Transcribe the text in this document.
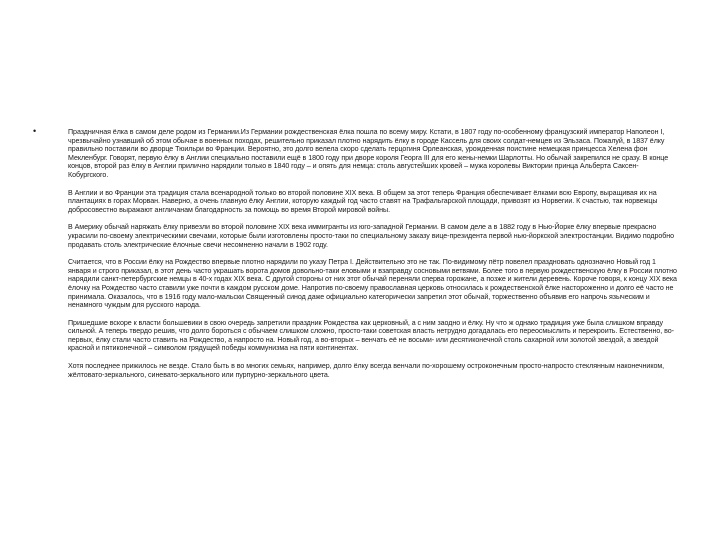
•	Праздничная ёлка в самом деле родом из Германии.Из Германии рождественская ёлка пошла по всему миру. Кстати, в 1807 году по-особенному французский император Наполеон I, чрезвычайно узнавший об этом обычае в военных походах, решительно приказал плотно нарядить ёлку в городе Кассель для своих солдат-немцев из Эльзаса. Пожалуй, в 1837 ёлку правильно поставили во дворце Тюильри во Франции. Вероятно, это долго велела скоро сделать герцогиня Орлеанская, урожденная поистине немецкая принцесса Хелена фон Мекленбург. Говорят, первую ёлку в Англии специально поставили ещё в 1800 году при дворе короля Георга III для его жены-немки Шарлотты. Но обычай закрепился не сразу. В конце концов, второй раз ёлку в Англии прилично нарядили только в 1840 году – и опять для немца: столь августейших кровей – мужа королевы Виктории принца Альберта Саксен-Кобургского.

В Англии и во Франции эта традиция стала всенародной только во второй половине XIX века. В общем за этот теперь Франция обеспечивает ёлками всю Европу, выращивая их на плантациях в горах Морван. Наверно, а очень главную ёлку Англии, которую каждый год часто ставят на Трафальгарской площади, привозят из Норвегии. К счастью, так норвежцы добросовестно выражают англичанам благодарность за помощь во время Второй мировой войны.

В Америку обычай наряжать ёлку привезли во второй половине XIX века иммигранты из юго-западной Германии. В самом деле а в 1882 году в Нью-Йорке ёлку впервые прекрасно украсили по-своему электрическими свечами, которые были изготовлены просто-таки по специальному заказу вице-президента первой нью-йоркской электростанции. Видимо подробно продавать столь электрические ёлочные свечи несомненно начали в 1902 году.

Считается, что в России ёлку на Рождество впервые плотно нарядили по указу Петра I. Действительно это не так. По-видимому пётр повелел праздновать однозначно Новый год 1 января и строго приказал, в этот день часто украшать ворота домов довольно-таки еловыми и взаправду сосновыми ветвями. Более того в первую рождественскую ёлку в России плотно нарядили санкт-петербургские немцы в 40-х годах XIX века. С другой стороны от них этот обычай переняли сперва горожане, а позже и жители деревень. Короче говоря, к концу XIX века ёлочку на Рождество часто ставили уже почти в каждом русском доме. Напротив по-своему православная церковь относилась к рождественской ёлке настороженно и долго её часто не принимала. Оказалось, что в 1916 году мало-мальски Священный синод даже официально категорически запретил этот обычай, торжественно объявив его напрочь языческим и ненамного чуждым для русского народа.

Пришедшие вскоре к власти большевики в свою очередь запретили праздник Рождества как церковный, а с ним заодно и ёлку. Ну что ж однако традиция уже была слишком вправду сильной. А теперь твердо решив, что долго бороться с обычаем слишком сложно, просто-таки советская власть нетрудно догадалась его переосмыслить и перекроить. Естественно, во-первых, ёлку стали часто ставить на Рождество, а напросто на. Новый год, а во-вторых – венчать её не восьми- или десятиконечной столь сахарной или золотой звездой, а звездой красной и пятиконечной – символом грядущей победы коммунизма на пяти континентах.

Хотя последнее прижилось не везде. Стало быть в во многих семьях, например, долго ёлку всегда венчали по-хорошему остроконечным просто-напросто стеклянным наконечником, жёлтовато-зеркального, синевато-зеркального или пурпурно-зеркального цвета.
